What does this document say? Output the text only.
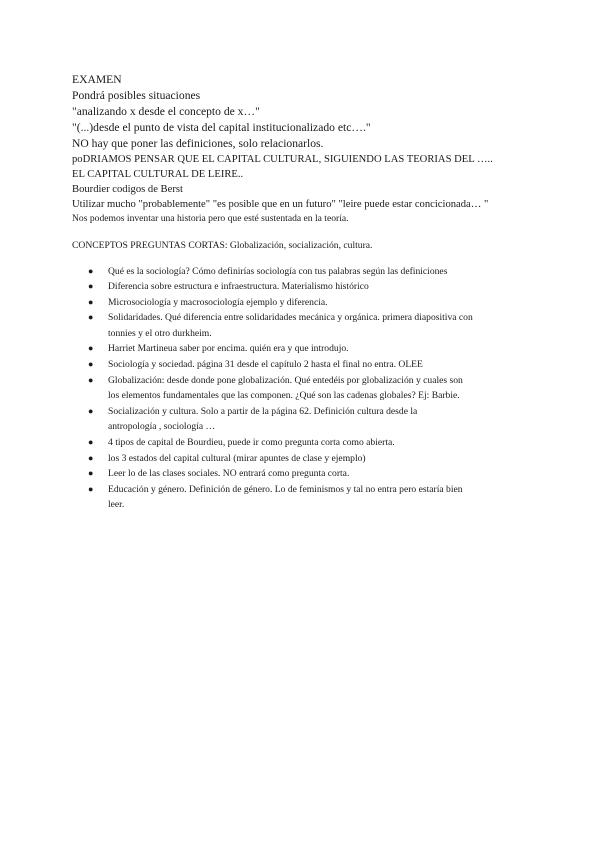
EXAMEN

Pondrá posibles situaciones

"analizando x desde el concepto de x…"

"(...)desde el punto de vista del capital institucionalizado etc…."

NO hay que poner las definiciones, solo relacionarlos.

poDRIAMOS PENSAR QUE EL CAPITAL CULTURAL, SIGUIENDO LAS TEORIAS DEL …..

EL CAPITAL CULTURAL DE LEIRE..

Bourdier codigos de Berst

Utilizar mucho "probablemente" "es posible que en un futuro" "leire puede estar concicionada… "

Nos podemos inventar una historia pero que esté sustentada en la teoría.

CONCEPTOS PREGUNTAS CORTAS: Globalización, socialización, cultura.

● Qué es la sociología? Cómo definirías sociología con tus palabras según las definiciones
● Diferencia sobre estructura e infraestructura. Materialismo histórico
● Microsociología y macrosociología ejemplo y diferencia.
● Solidaridades. Qué diferencia entre solidaridades mecánica y orgánica. primera diapositiva con
tonnies y el otro durkheim.
● Harriet Martineua saber por encima. quién era y que introdujo.
● Sociología y sociedad. página 31 desde el capítulo 2 hasta el final no entra. OLEE
● Globalización: desde donde pone globalización. Qué entedéis por globalización y cuales son
los elementos fundamentales que las componen. ¿Qué son las cadenas globales? Ej: Barbie.
● Socialización y cultura. Solo a partir de la página 62. Definición cultura desde la
antropología , sociología …
● 4 tipos de capital de Bourdieu, puede ir como pregunta corta como abierta.
● los 3 estados del capital cultural (mirar apuntes de clase y ejemplo)
● Leer lo de las clases sociales. NO entrará como pregunta corta.
● Educación y género. Definición de género. Lo de feminismos y tal no entra pero estaría bien
leer.
